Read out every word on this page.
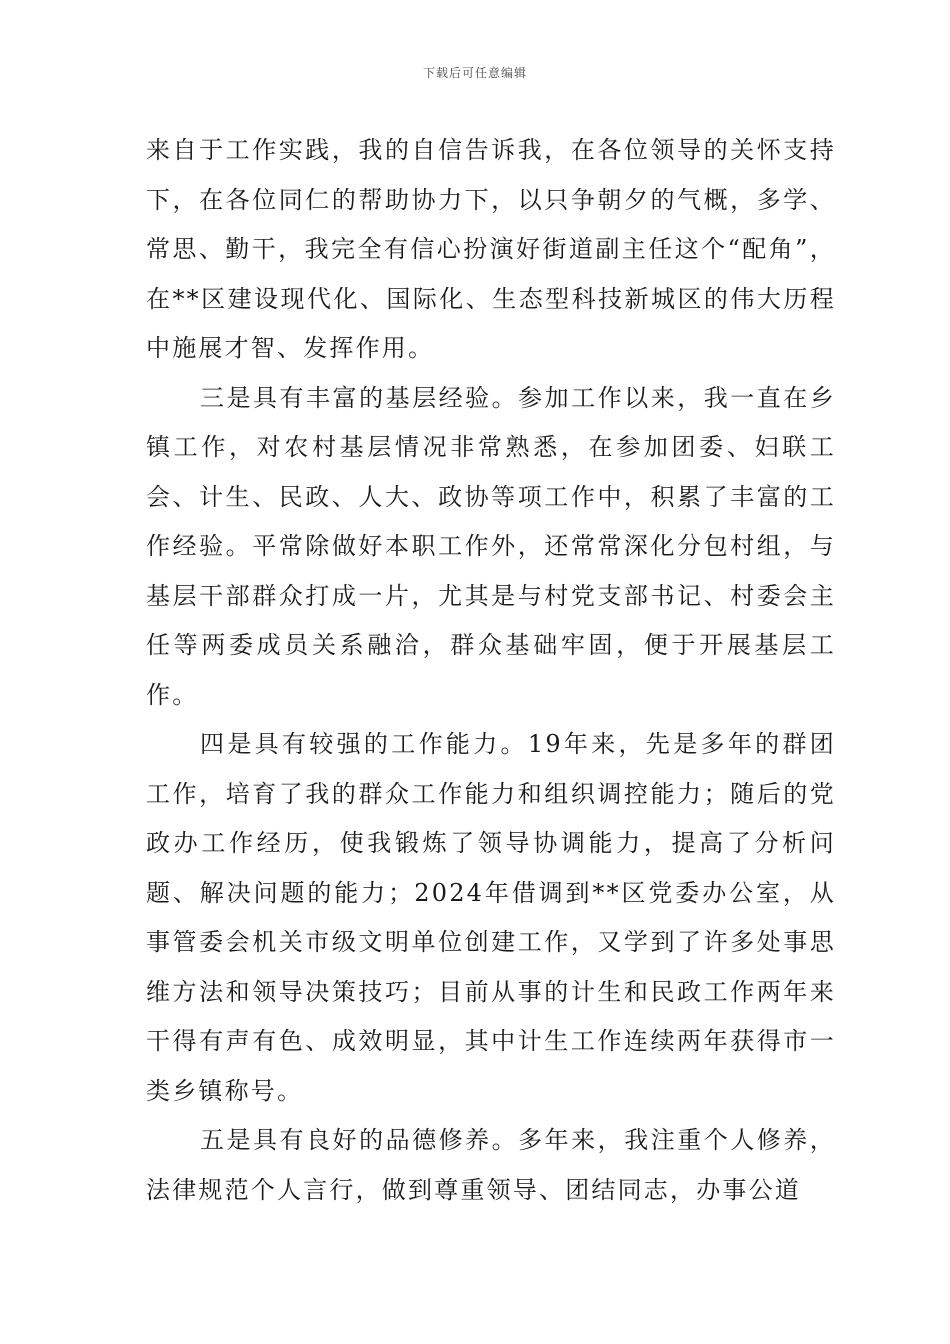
下载后可任意编辑

来自于工作实践，我的自信告诉我，在各位领导的关怀支持下，在各位同仁的帮助协力下，以只争朝夕的气概，多学、常思、勤干，我完全有信心扮演好街道副主任这个“配角”，在**区建设现代化、国际化、生态型科技新城区的伟大历程中施展才智、发挥作用。

三是具有丰富的基层经验。参加工作以来，我一直在乡镇工作，对农村基层情况非常熟悉，在参加团委、妇联工会、计生、民政、人大、政协等项工作中，积累了丰富的工作经验。平常除做好本职工作外，还常常深化分包村组，与基层干部群众打成一片，尤其是与村党支部书记、村委会主任等两委成员关系融洽，群众基础牢固，便于开展基层工作。

四是具有较强的工作能力。19年来，先是多年的群团工作，培育了我的群众工作能力和组织调控能力；随后的党政办工作经历，使我锻炼了领导协调能力，提高了分析问题、解决问题的能力；2024年借调到**区党委办公室，从事管委会机关市级文明单位创建工作，又学到了许多处事思维方法和领导决策技巧；目前从事的计生和民政工作两年来干得有声有色、成效明显，其中计生工作连续两年获得市一类乡镇称号。

五是具有良好的品德修养。多年来，我注重个人修养，法律规范个人言行，做到尊重领导、团结同志，办事公道
